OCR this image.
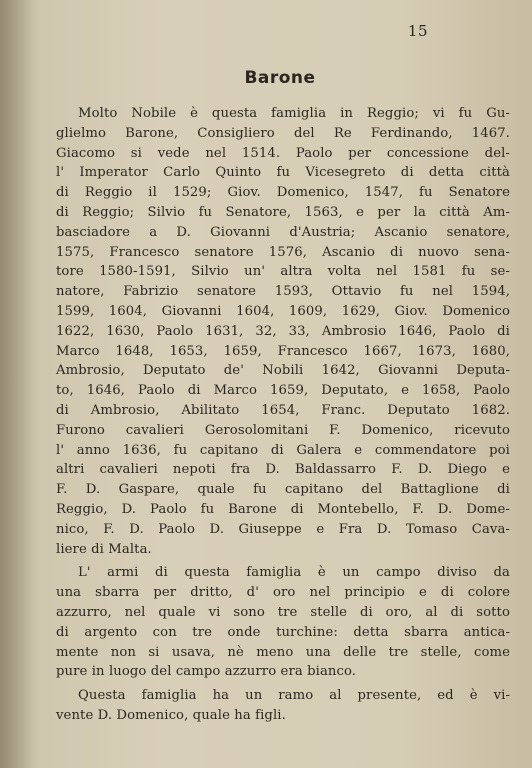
15
Barone
Molto Nobile è questa famiglia in Reggio; vi fu Gu-
glielmo Barone, Consigliero del Re Ferdinando, 1467.
Giacomo si vede nel 1514. Paolo per concessione del-
l' Imperator Carlo Quinto fu Vicesegreto di detta città
di Reggio il 1529; Giov. Domenico, 1547, fu Senatore
di Reggio; Silvio fu Senatore, 1563, e per la città Am-
basciadore a D. Giovanni d'Austria; Ascanio senatore,
1575, Francesco senatore 1576, Ascanio di nuovo sena-
tore 1580-1591, Silvio un' altra volta nel 1581 fu se-
natore, Fabrizio senatore 1593, Ottavio fu nel 1594,
1599, 1604, Giovanni 1604, 1609, 1629, Giov. Domenico
1622, 1630, Paolo 1631, 32, 33, Ambrosio 1646, Paolo di
Marco 1648, 1653, 1659, Francesco 1667, 1673, 1680,
Ambrosio, Deputato de' Nobili 1642, Giovanni Deputa-
to, 1646, Paolo di Marco 1659, Deputato, e 1658, Paolo
di Ambrosio, Abilitato 1654, Franc. Deputato 1682.
Furono cavalieri Gerosolomitani F. Domenico, ricevuto
l' anno 1636, fu capitano di Galera e commendatore poi
altri cavalieri nepoti fra D. Baldassarro F. D. Diego e
F. D. Gaspare, quale fu capitano del Battaglione di
Reggio, D. Paolo fu Barone di Montebello, F. D. Dome-
nico, F. D. Paolo D. Giuseppe e Fra D. Tomaso Cava-
liere di Malta.
L' armi di questa famiglia è un campo diviso da
una sbarra per dritto, d' oro nel principio e di colore
azzurro, nel quale vi sono tre stelle di oro, al di sotto
di argento con tre onde turchine: detta sbarra antica-
mente non si usava, nè meno una delle tre stelle, come
pure in luogo del campo azzurro era bianco.
Questa famiglia ha un ramo al presente, ed è vi-
vente D. Domenico, quale ha figli.
